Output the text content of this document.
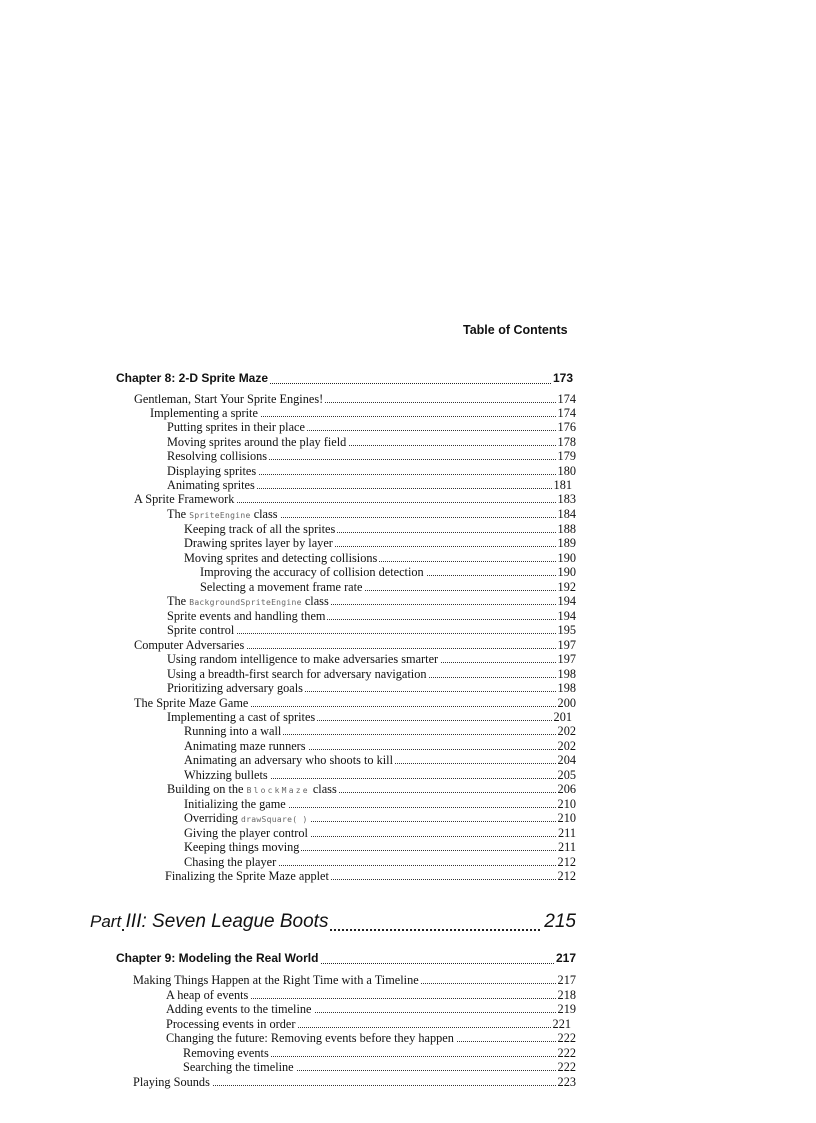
Table of Contents
Chapter 8: 2-D Sprite Maze	173
Gentleman, Start Your Sprite Engines!	174
Implementing a sprite	174
Putting sprites in their place	176
Moving sprites around the play field	178
Resolving collisions	179
Displaying sprites	180
Animating sprites	181
A Sprite Framework	183
The SpriteEngine class	184
Keeping track of all the sprites	188
Drawing sprites layer by layer	189
Moving sprites and detecting collisions	190
Improving the accuracy of collision detection	190
Selecting a movement frame rate	192
The BackgroundSpriteEngine class	194
Sprite events and handling them	194
Sprite control	195
Computer Adversaries	197
Using random intelligence to make adversaries smarter	197
Using a breadth-first search for adversary navigation	198
Prioritizing adversary goals	198
The Sprite Maze Game	200
Implementing a cast of sprites	201
Running into a wall	202
Animating maze runners	202
Animating an adversary who shoots to kill	204
Whizzing bullets	205
Building on the BlockMaze class	206
Initializing the game	210
Overriding drawSquare( )	210
Giving the player control	211
Keeping things moving	211
Chasing the player	212
Finalizing the Sprite Maze applet	212
Part III: Seven League Boots	215
Chapter 9: Modeling the Real World	217
Making Things Happen at the Right Time with a Timeline	217
A heap of events	218
Adding events to the timeline	219
Processing events in order	221
Changing the future: Removing events before they happen	222
Removing events	222
Searching the timeline	222
Playing Sounds	223
